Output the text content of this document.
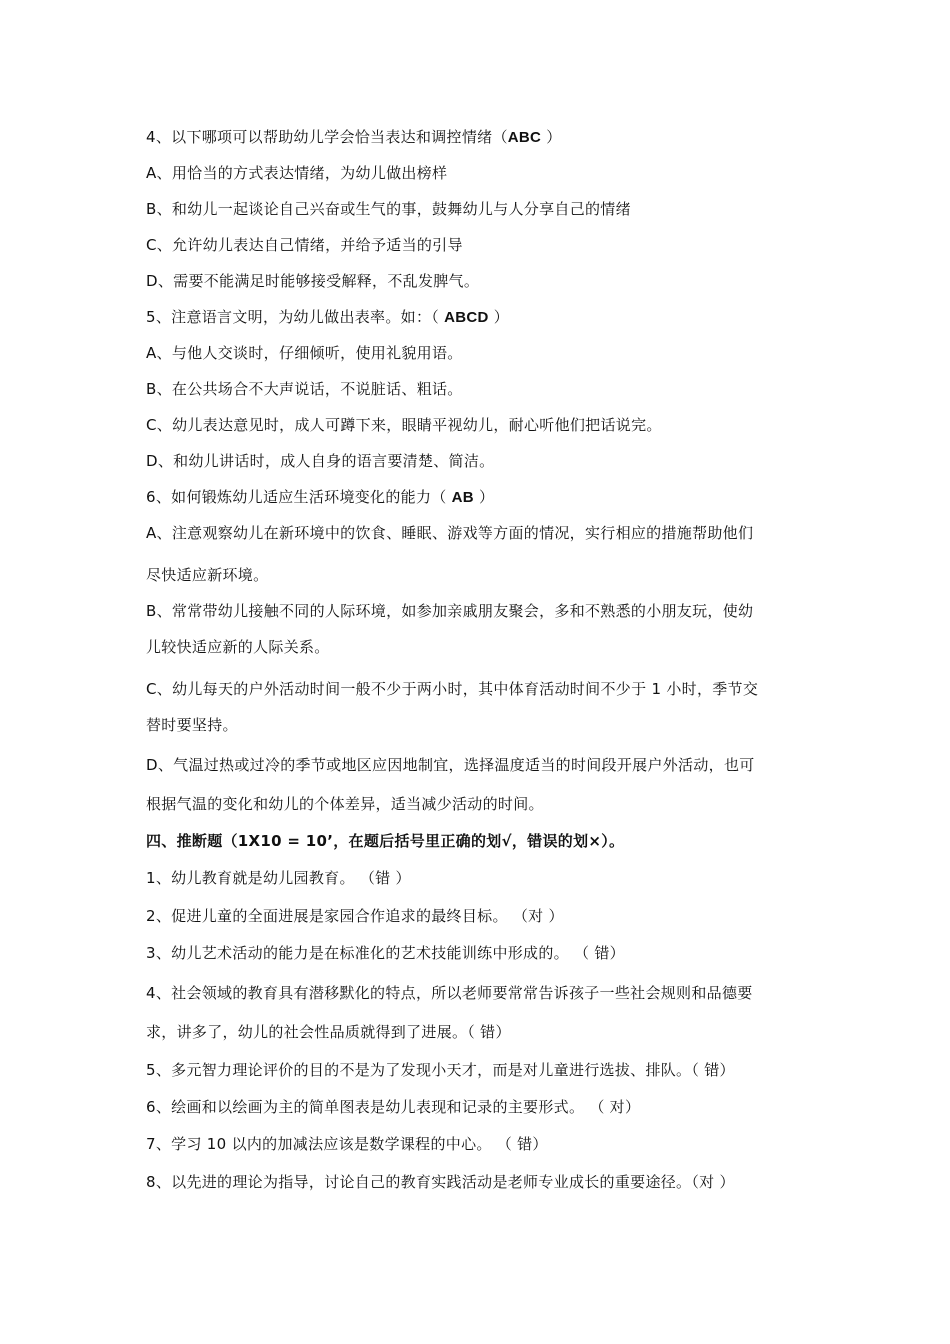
4、以下哪项可以帮助幼儿学会恰当表达和调控情绪（ABC ）
A、用恰当的方式表达情绪，为幼儿做出榜样
B、和幼儿一起谈论自己兴奋或生气的事，鼓舞幼儿与人分享自己的情绪
C、允许幼儿表达自己情绪，并给予适当的引导
D、需要不能满足时能够接受解释，不乱发脾气。
5、注意语言文明，为幼儿做出表率。如：（ ABCD ）
A、与他人交谈时，仔细倾听，使用礼貌用语。
B、在公共场合不大声说话，不说脏话、粗话。
C、幼儿表达意见时，成人可蹲下来，眼睛平视幼儿，耐心听他们把话说完。
D、和幼儿讲话时，成人自身的语言要清楚、简洁。
6、如何锻炼幼儿适应生活环境变化的能力（ AB ）
A、注意观察幼儿在新环境中的饮食、睡眠、游戏等方面的情况，实行相应的措施帮助他们
尽快适应新环境。
B、常常带幼儿接触不同的人际环境，如参加亲戚朋友聚会，多和不熟悉的小朋友玩，使幼
儿较快适应新的人际关系。
C、幼儿每天的户外活动时间一般不少于两小时，其中体育活动时间不少于 1 小时，季节交
替时要坚持。
D、气温过热或过冷的季节或地区应因地制宜，选择温度适当的时间段开展户外活动，也可
根据气温的变化和幼儿的个体差异，适当减少活动的时间。
四、推断题（1X10 = 10’，在题后括号里正确的划√，错误的划×）。
1、幼儿教育就是幼儿园教育。 （错 ）
2、促进儿童的全面进展是家园合作追求的最终目标。 （对 ）
3、幼儿艺术活动的能力是在标准化的艺术技能训练中形成的。 （ 错）
4、社会领域的教育具有潜移默化的特点，所以老师要常常告诉孩子一些社会规则和品德要
求，讲多了，幼儿的社会性品质就得到了进展。（ 错）
5、多元智力理论评价的目的不是为了发现小天才，而是对儿童进行选拔、排队。（ 错）
6、绘画和以绘画为主的简单图表是幼儿表现和记录的主要形式。 （ 对）
7、学习 10 以内的加减法应该是数学课程的中心。 （ 错）
8、以先进的理论为指导，讨论自己的教育实践活动是老师专业成长的重要途径。（对 ）
